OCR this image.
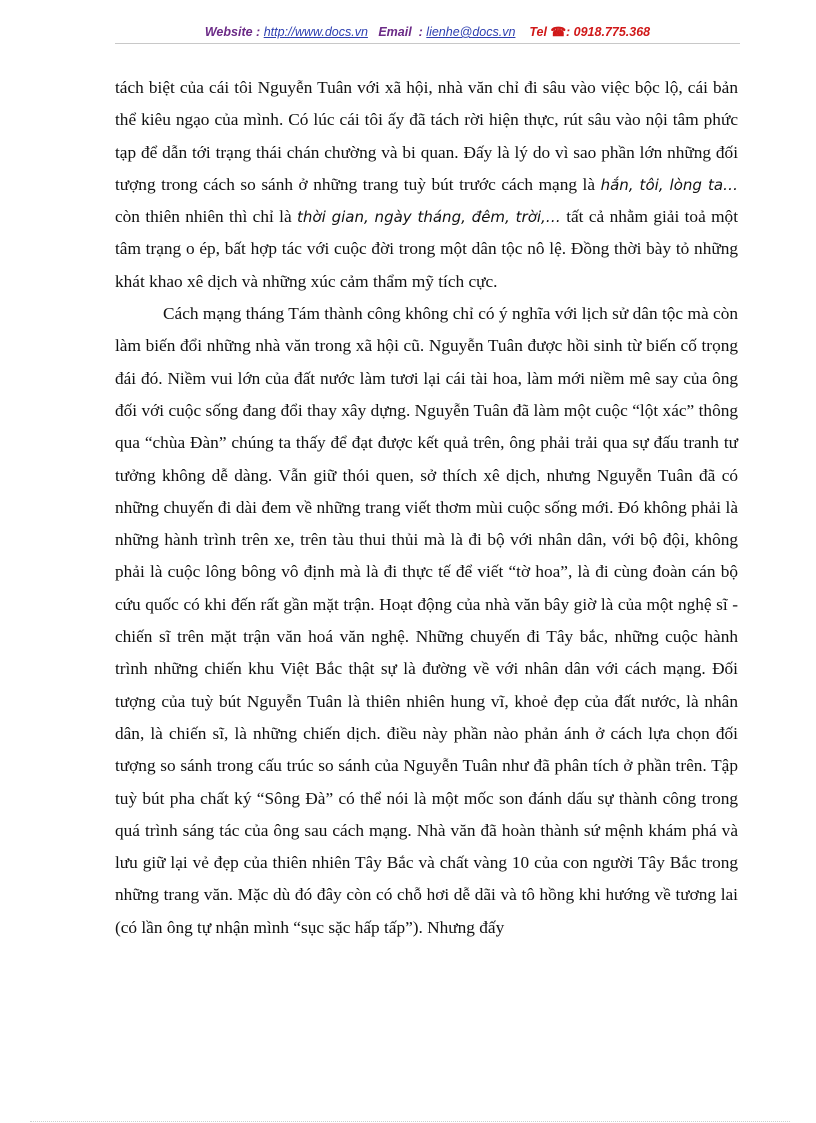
Website : http://www.docs.vn Email : lienhe@docs.vn Tel ☎: 0918.775.368

tách biệt của cái tôi Nguyễn Tuân với xã hội, nhà văn chỉ đi sâu vào việc bộc lộ, cái bản thể kiêu ngạo của mình. Có lúc cái tôi ấy đã tách rời hiện thực, rút sâu vào nội tâm phức tạp để dẫn tới trạng thái chán chường và bi quan. Đấy là lý do vì sao phần lớn những đối tượng trong cách so sánh ở những trang tuỳ bút trước cách mạng là hắn, tôi, lòng ta… còn thiên nhiên thì chỉ là thời gian, ngày tháng, đêm, trời,… tất cả nhằm giải toả một tâm trạng o ép, bất hợp tác với cuộc đời trong một dân tộc nô lệ. Đồng thời bày tỏ những khát khao xê dịch và những xúc cảm thẩm mỹ tích cực.

Cách mạng tháng Tám thành công không chỉ có ý nghĩa với lịch sử dân tộc mà còn làm biến đổi những nhà văn trong xã hội cũ. Nguyễn Tuân được hồi sinh từ biến cố trọng đái đó. Niềm vui lớn của đất nước làm tươi lại cái tài hoa, làm mới niềm mê say của ông đối với cuộc sống đang đổi thay xây dựng. Nguyễn Tuân đã làm một cuộc “lột xác” thông qua “chùa Đàn” chúng ta thấy để đạt được kết quả trên, ông phải trải qua sự đấu tranh tư tưởng không dễ dàng. Vẫn giữ thói quen, sở thích xê dịch, nhưng Nguyễn Tuân đã có những chuyến đi dài đem về những trang viết thơm mùi cuộc sống mới. Đó không phải là những hành trình trên xe, trên tàu thui thủi mà là đi bộ với nhân dân, với bộ đội, không phải là cuộc lông bông vô định mà là đi thực tế để viết “tờ hoa”, là đi cùng đoàn cán bộ cứu quốc có khi đến rất gần mặt trận. Hoạt động của nhà văn bây giờ là của một nghệ sĩ - chiến sĩ trên mặt trận văn hoá văn nghệ. Những chuyến đi Tây bắc, những cuộc hành trình những chiến khu Việt Bắc thật sự là đường về với nhân dân với cách mạng. Đối tượng của tuỳ bút Nguyễn Tuân là thiên nhiên hung vĩ, khoẻ đẹp của đất nước, là nhân dân, là chiến sĩ, là những chiến dịch. điều này phần nào phản ánh ở cách lựa chọn đối tượng so sánh trong cấu trúc so sánh của Nguyễn Tuân như đã phân tích ở phần trên. Tập tuỳ bút pha chất ký “Sông Đà” có thể nói là một mốc son đánh dấu sự thành công trong quá trình sáng tác của ông sau cách mạng. Nhà văn đã hoàn thành sứ mệnh khám phá và lưu giữ lại vẻ đẹp của thiên nhiên Tây Bắc và chất vàng 10 của con người Tây Bắc trong những trang văn. Mặc dù đó đây còn có chỗ hơi dễ dãi và tô hồng khi hướng về tương lai (có lần ông tự nhận mình “sục sặc hấp tấp”). Nhưng đấy
